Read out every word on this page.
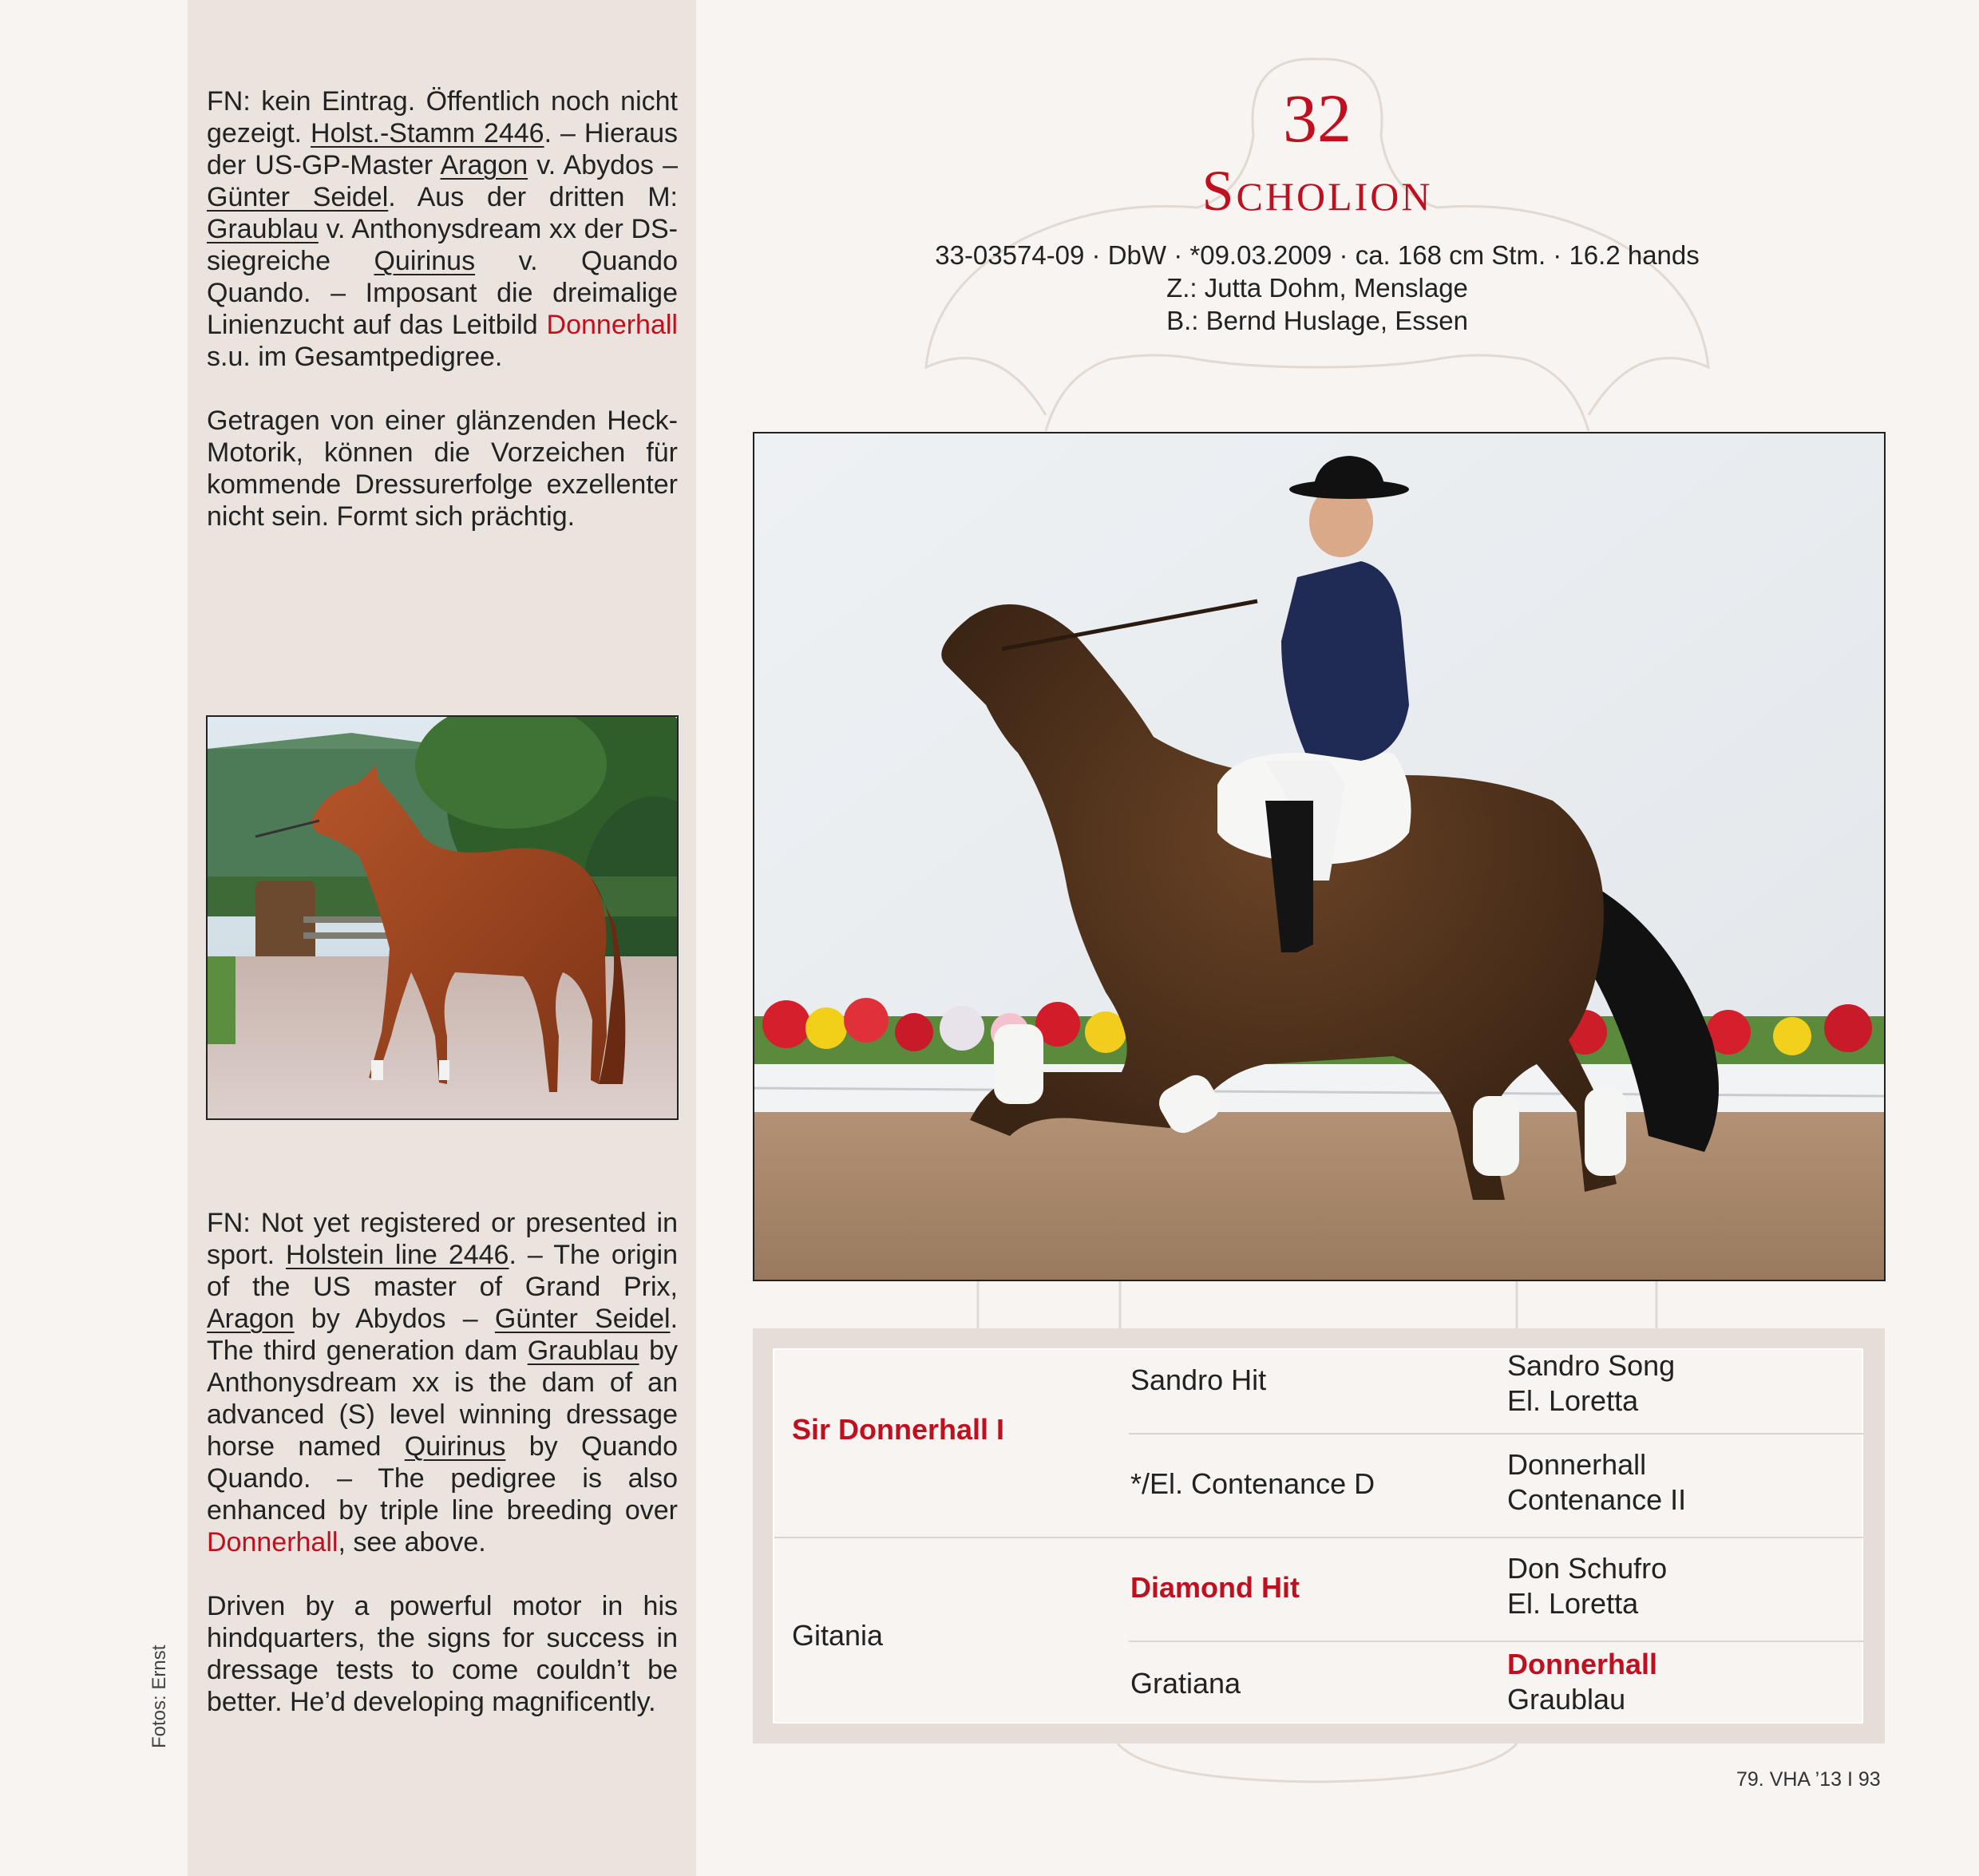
FN: kein Eintrag. Öffentlich noch nicht gezeigt. Holst.-Stamm 2446. – Hieraus der US-GP-Master Aragon v. Abydos – Günter Seidel. Aus der dritten M: Graublau v. Anthonysdream xx der DS-siegreiche Quirinus v. Quando Quando. – Imposant die dreimalige Linienzucht auf das Leitbild Donnerhall s.u. im Gesamtpedigree.

Getragen von einer glänzenden Heck-Motorik, können die Vorzeichen für kommende Dressurerfolge exzellenter nicht sein. Formt sich prächtig.

FN: Not yet registered or presented in sport. Holstein line 2446. – The origin of the US master of Grand Prix, Aragon by Abydos – Günter Seidel. The third generation dam Graublau by Anthonysdream xx is the dam of an advanced (S) level winning dressage horse named Quirinus by Quando Quando. – The pedigree is also enhanced by triple line breeding over Donnerhall, see above.

Driven by a powerful motor in his hindquarters, the signs for success in dressage tests to come couldn’t be better. He’d developing magnificently.

Fotos: Ernst
32
Scholion
33-03574-09 · DbW · *09.03.2009 · ca. 168 cm Stm. · 16.2 hands
Z.: Jutta Dohm, Menslage
B.: Bernd Huslage, Essen
Sir Donnerhall I
Gitania
Sandro Hit
*/El. Contenance D
Diamond Hit
Gratiana
Sandro Song
El. Loretta
Donnerhall
Contenance II
Don Schufro
El. Loretta
Donnerhall
Graublau
79. VHA ’13 I 93
